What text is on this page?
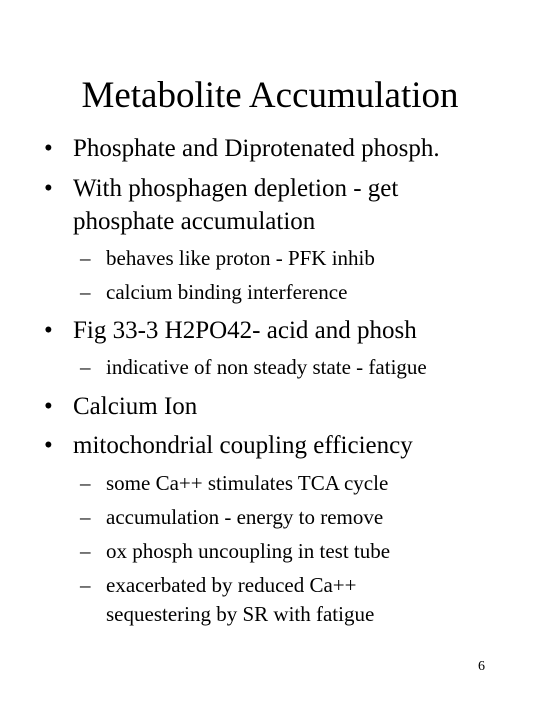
Metabolite Accumulation
• Phosphate and Diprotenated phosph.
• With phosphagen depletion - get
phosphate accumulation
– behaves like proton - PFK inhib
– calcium binding interference
• Fig 33-3 H2PO42- acid and phosh
– indicative of non steady state - fatigue
• Calcium Ion
• mitochondrial coupling efficiency
– some Ca++ stimulates TCA cycle
– accumulation - energy to remove
– ox phosph uncoupling in test tube
– exacerbated by reduced Ca++
sequestering by SR with fatigue
6
